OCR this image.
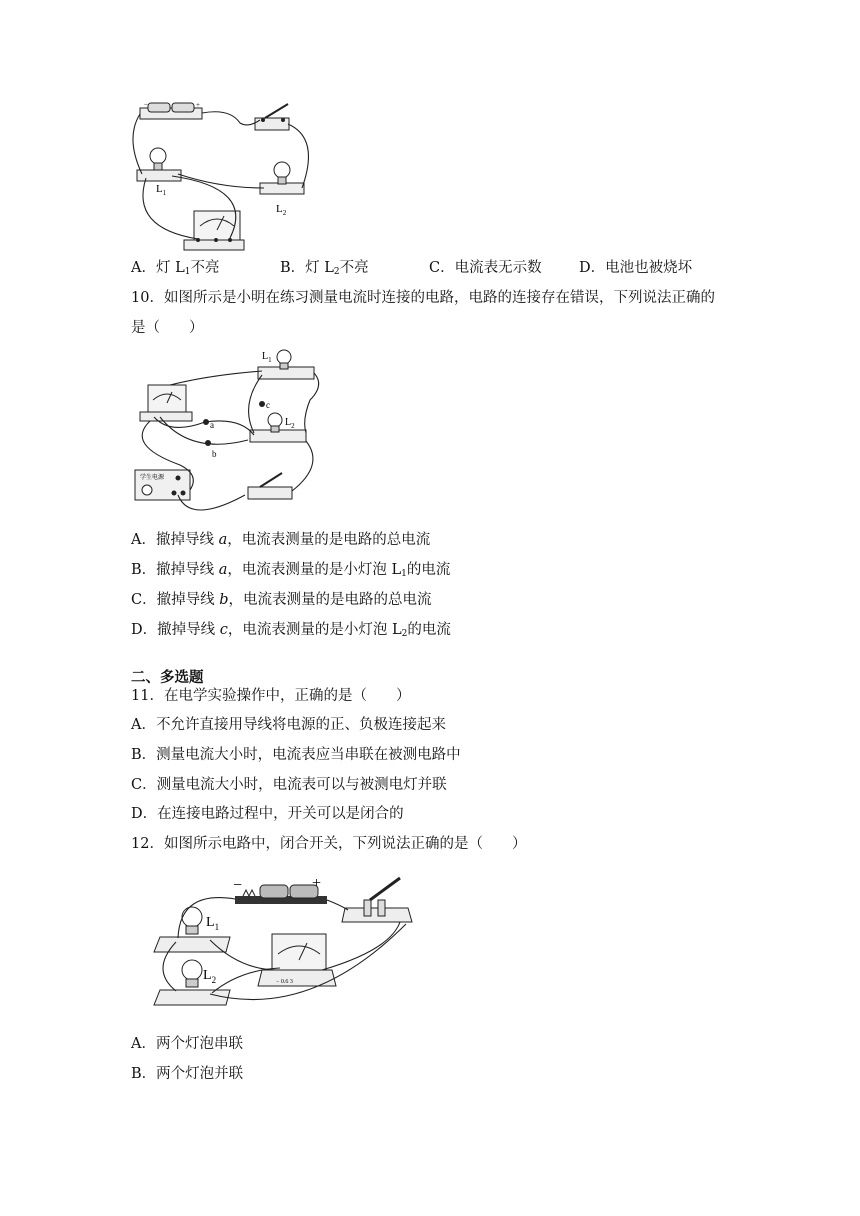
−	+
$L_1$
$L_2$
A．灯 $L_1$不亮	B．灯 $L_2$不亮	C．电流表无示数	D．电池也被烧坏
10．如图所示是小明在练习测量电流时连接的电路，电路的连接存在错误，下列说法正确的
是（　　）
$L_1$
$L_2$
学生电源
a
b
c
A．撤掉导线 a，电流表测量的是电路的总电流
B．撤掉导线 a，电流表测量的是小灯泡 $L_1$的电流
C．撤掉导线 b，电流表测量的是电路的总电流
D．撤掉导线 c，电流表测量的是小灯泡 $L_2$的电流
二、多选题
11．在电学实验操作中，正确的是（　　）
A．不允许直接用导线将电源的正、负极连接起来
B．测量电流大小时，电流表应当串联在被测电路中
C．测量电流大小时，电流表可以与被测电灯并联
D．在连接电路过程中，开关可以是闭合的
12．如图所示电路中，闭合开关，下列说法正确的是（　　）
−	+
$L_1$
$L_2$	− 0.6 3
A．两个灯泡串联
B．两个灯泡并联
